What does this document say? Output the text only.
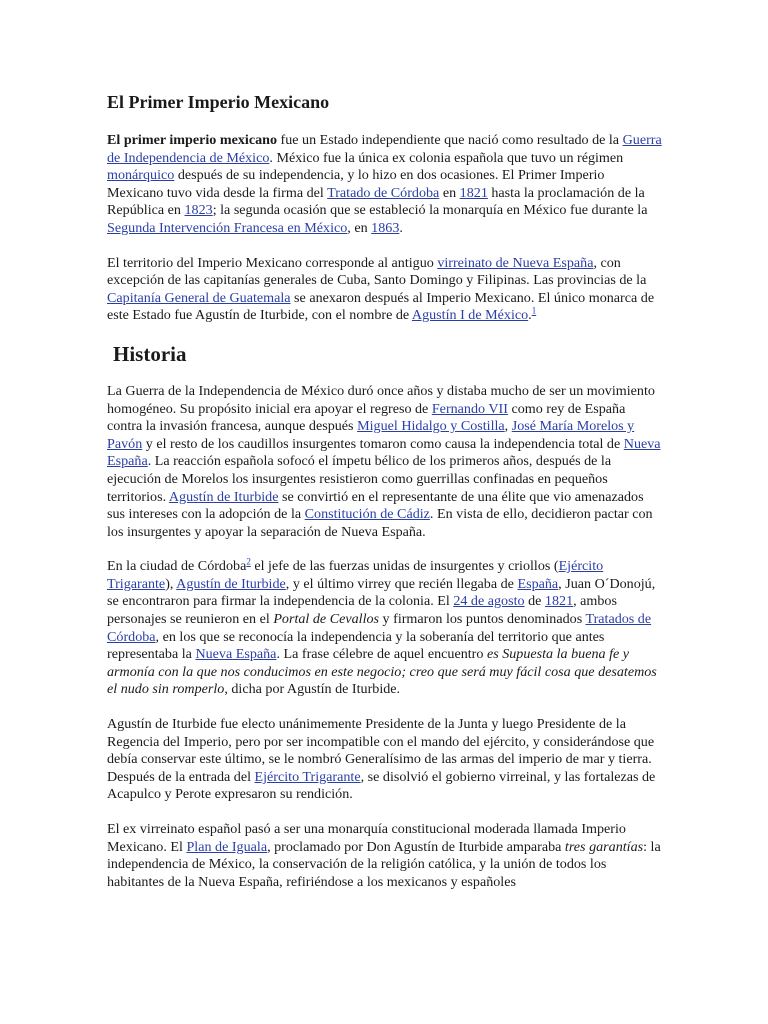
El Primer Imperio Mexicano

El primer imperio mexicano fue un Estado independiente que nació como resultado de la Guerra de Independencia de México. México fue la única ex colonia española que tuvo un régimen monárquico después de su independencia, y lo hizo en dos ocasiones. El Primer Imperio Mexicano tuvo vida desde la firma del Tratado de Córdoba en 1821 hasta la proclamación de la República en 1823; la segunda ocasión que se estableció la monarquía en México fue durante la Segunda Intervención Francesa en México, en 1863.

El territorio del Imperio Mexicano corresponde al antiguo virreinato de Nueva España, con excepción de las capitanías generales de Cuba, Santo Domingo y Filipinas. Las provincias de la Capitanía General de Guatemala se anexaron después al Imperio Mexicano. El único monarca de este Estado fue Agustín de Iturbide, con el nombre de Agustín I de México.$^1$

Historia

La Guerra de la Independencia de México duró once años y distaba mucho de ser un movimiento homogéneo. Su propósito inicial era apoyar el regreso de Fernando VII como rey de España contra la invasión francesa, aunque después Miguel Hidalgo y Costilla, José María Morelos y Pavón y el resto de los caudillos insurgentes tomaron como causa la independencia total de Nueva España. La reacción española sofocó el ímpetu bélico de los primeros años, después de la ejecución de Morelos los insurgentes resistieron como guerrillas confinadas en pequeños territorios. Agustín de Iturbide se convirtió en el representante de una élite que vio amenazados sus intereses con la adopción de la Constitución de Cádiz. En vista de ello, decidieron pactar con los insurgentes y apoyar la separación de Nueva España.

En la ciudad de Córdoba$^2$ el jefe de las fuerzas unidas de insurgentes y criollos (Ejército Trigarante), Agustín de Iturbide, y el último virrey que recién llegaba de España, Juan O´Donojú, se encontraron para firmar la independencia de la colonia. El 24 de agosto de 1821, ambos personajes se reunieron en el Portal de Cevallos y firmaron los puntos denominados Tratados de Córdoba, en los que se reconocía la independencia y la soberanía del territorio que antes representaba la Nueva España. La frase célebre de aquel encuentro es Supuesta la buena fe y armonía con la que nos conducimos en este negocio; creo que será muy fácil cosa que desatemos el nudo sin romperlo, dicha por Agustín de Iturbide.

Agustín de Iturbide fue electo unánimemente Presidente de la Junta y luego Presidente de la Regencia del Imperio, pero por ser incompatible con el mando del ejército, y considerándose que debía conservar este último, se le nombró Generalísimo de las armas del imperio de mar y tierra. Después de la entrada del Ejército Trigarante, se disolvió el gobierno virreinal, y las fortalezas de Acapulco y Perote expresaron su rendición.

El ex virreinato español pasó a ser una monarquía constitucional moderada llamada Imperio Mexicano. El Plan de Iguala, proclamado por Don Agustín de Iturbide amparaba tres garantías: la independencia de México, la conservación de la religión católica, y la unión de todos los habitantes de la Nueva España, refiriéndose a los mexicanos y españoles
